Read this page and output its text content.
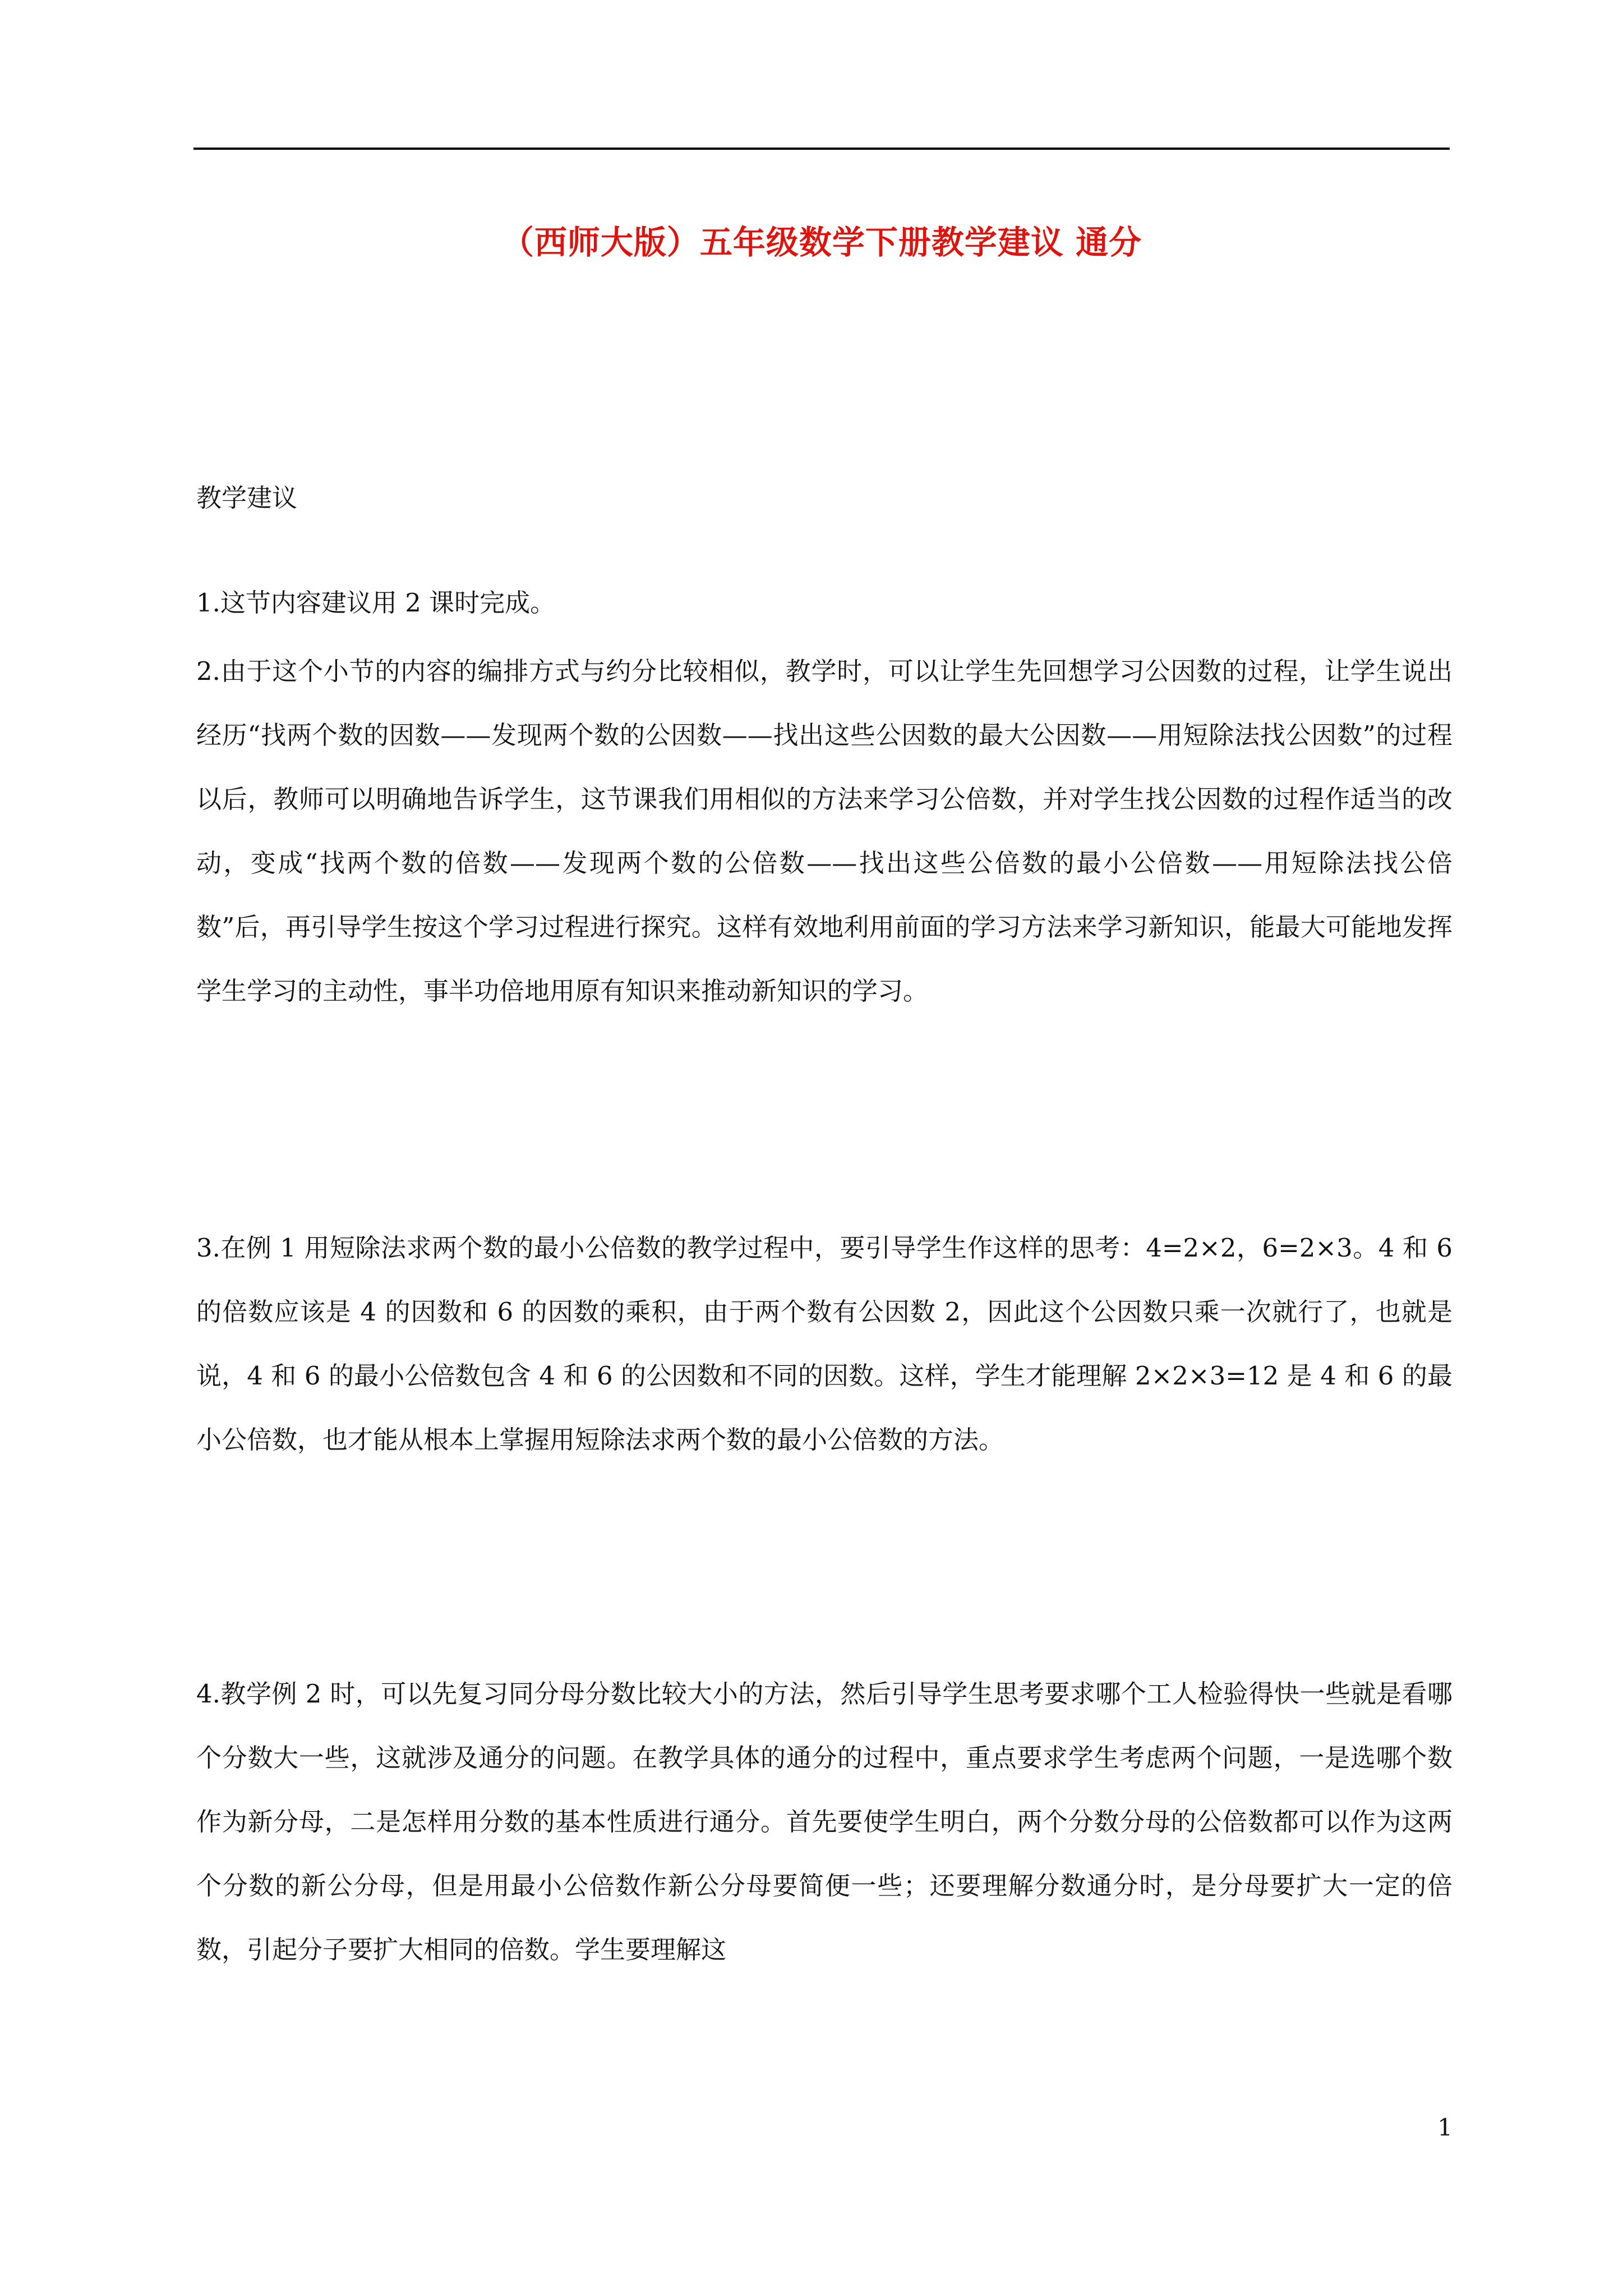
（西师大版）五年级数学下册教学建议 通分

教学建议

1.这节内容建议用 2 课时完成。

2.由于这个小节的内容的编排方式与约分比较相似，教学时，可以让学生先回想学习公因数的过程，让学生说出经历“找两个数的因数——发现两个数的公因数——找出这些公因数的最大公因数——用短除法找公因数”的过程以后，教师可以明确地告诉学生，这节课我们用相似的方法来学习公倍数，并对学生找公因数的过程作适当的改动，变成“找两个数的倍数——发现两个数的公倍数——找出这些公倍数的最小公倍数——用短除法找公倍数”后，再引导学生按这个学习过程进行探究。这样有效地利用前面的学习方法来学习新知识，能最大可能地发挥学生学习的主动性，事半功倍地用原有知识来推动新知识的学习。

3.在例 1 用短除法求两个数的最小公倍数的教学过程中，要引导学生作这样的思考：4=2×2，6=2×3。4 和 6 的倍数应该是 4 的因数和 6 的因数的乘积，由于两个数有公因数 2，因此这个公因数只乘一次就行了，也就是说，4 和 6 的最小公倍数包含 4 和 6 的公因数和不同的因数。这样，学生才能理解 2×2×3=12 是 4 和 6 的最小公倍数，也才能从根本上掌握用短除法求两个数的最小公倍数的方法。

4.教学例 2 时，可以先复习同分母分数比较大小的方法，然后引导学生思考要求哪个工人检验得快一些就是看哪个分数大一些，这就涉及通分的问题。在教学具体的通分的过程中，重点要求学生考虑两个问题，一是选哪个数作为新分母，二是怎样用分数的基本性质进行通分。首先要使学生明白，两个分数分母的公倍数都可以作为这两个分数的新公分母，但是用最小公倍数作新公分母要简便一些；还要理解分数通分时，是分母要扩大一定的倍数，引起分子要扩大相同的倍数。学生要理解这

1
